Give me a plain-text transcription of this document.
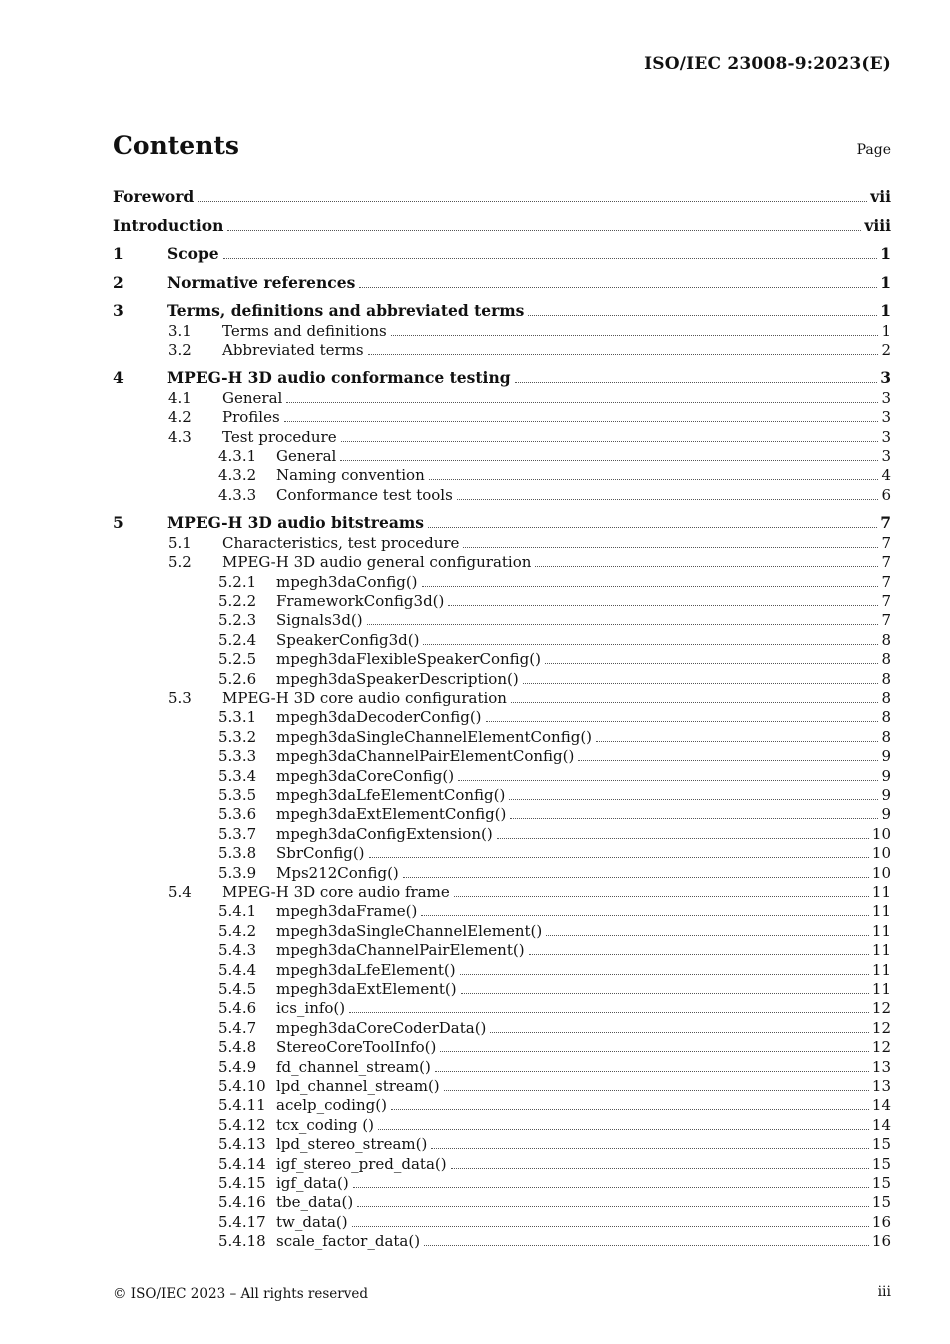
ISO/IEC 23008-9:2023(E)
Contents	Page
Foreword	vii
Introduction	viii
1	Scope	1
2	Normative references	1
3	Terms, definitions and abbreviated terms	1
3.1 Terms and definitions	1
3.2 Abbreviated terms	2
4	MPEG-H 3D audio conformance testing	3
4.1 General	3
4.2 Profiles	3
4.3 Test procedure	3
4.3.1 General	3
4.3.2 Naming convention	4
4.3.3 Conformance test tools	6
5	MPEG-H 3D audio bitstreams	7
5.1 Characteristics, test procedure	7
5.2 MPEG-H 3D audio general configuration	7
5.2.1 mpegh3daConfig()	7
5.2.2 FrameworkConfig3d()	7
5.2.3 Signals3d()	7
5.2.4 SpeakerConfig3d()	8
5.2.5 mpegh3daFlexibleSpeakerConfig()	8
5.2.6 mpegh3daSpeakerDescription()	8
5.3 MPEG-H 3D core audio configuration	8
5.3.1 mpegh3daDecoderConfig()	8
5.3.2 mpegh3daSingleChannelElementConfig()	8
5.3.3 mpegh3daChannelPairElementConfig()	9
5.3.4 mpegh3daCoreConfig()	9
5.3.5 mpegh3daLfeElementConfig()	9
5.3.6 mpegh3daExtElementConfig()	9
5.3.7 mpegh3daConfigExtension()	10
5.3.8 SbrConfig()	10
5.3.9 Mps212Config()	10
5.4 MPEG-H 3D core audio frame	11
5.4.1 mpegh3daFrame()	11
5.4.2 mpegh3daSingleChannelElement()	11
5.4.3 mpegh3daChannelPairElement()	11
5.4.4 mpegh3daLfeElement()	11
5.4.5 mpegh3daExtElement()	11
5.4.6 ics_info()	12
5.4.7 mpegh3daCoreCoderData()	12
5.4.8 StereoCoreToolInfo()	12
5.4.9 fd_channel_stream()	13
5.4.10 lpd_channel_stream()	13
5.4.11 acelp_coding()	14
5.4.12 tcx_coding ()	14
5.4.13 lpd_stereo_stream()	15
5.4.14 igf_stereo_pred_data()	15
5.4.15 igf_data()	15
5.4.16 tbe_data()	15
5.4.17 tw_data()	16
5.4.18 scale_factor_data()	16
© ISO/IEC 2023 – All rights reserved	iii
